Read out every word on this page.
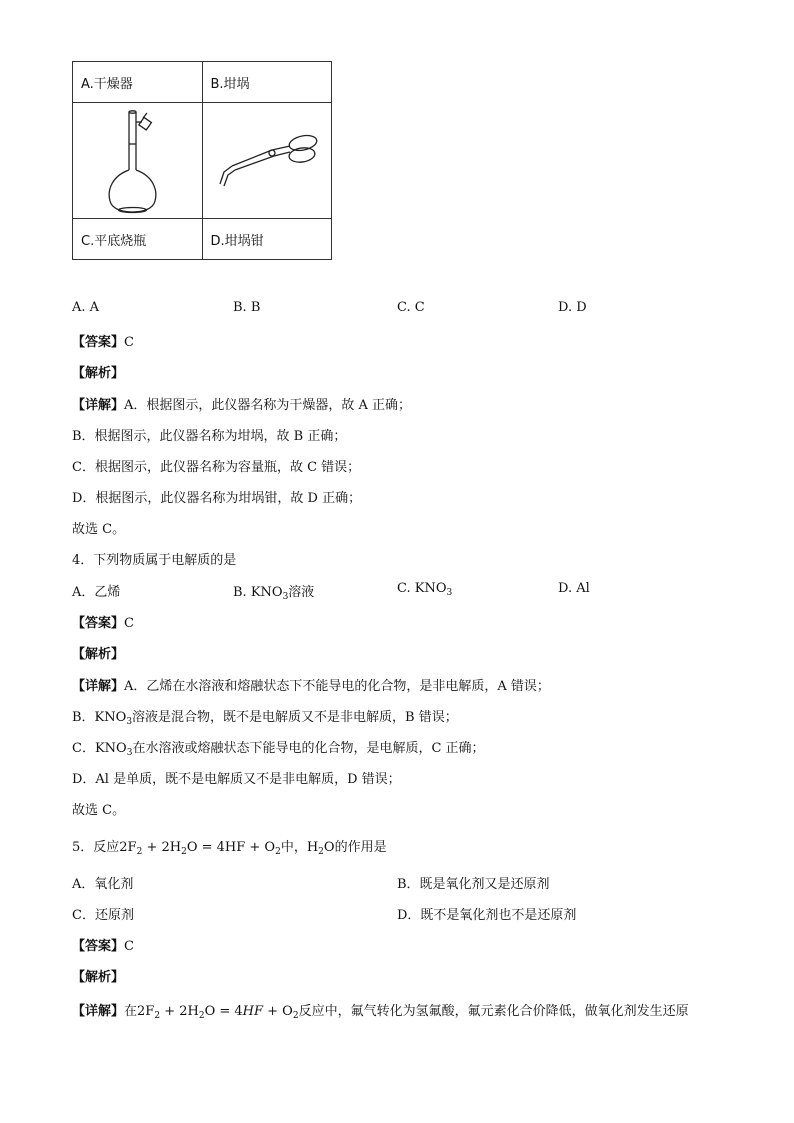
A.干燥器	B.坩埚

C.平底烧瓶	D.坩埚钳
A. A	B. B	C. C	D. D
【答案】C
【解析】
【详解】A．根据图示，此仪器名称为干燥器，故 A 正确；
B．根据图示，此仪器名称为坩埚，故 B 正确；
C．根据图示，此仪器名称为容量瓶，故 C 错误；
D．根据图示，此仪器名称为坩埚钳，故 D 正确；
故选 C。
4．下列物质属于电解质的是
A．乙烯	B. $KNO_3$溶液	C. $KNO_3$	D. Al
【答案】C
【解析】
【详解】A．乙烯在水溶液和熔融状态下不能导电的化合物，是非电解质，A 错误；
B．$KNO_3$溶液是混合物，既不是电解质又不是非电解质，B 错误；
C．$KNO_3$在水溶液或熔融状态下能导电的化合物，是电解质，C 正确；
D．Al 是单质，既不是电解质又不是非电解质，D 错误；
故选 C。
5．反应$2F_2 + 2H_2O = 4HF + O_2$中，$H_2O$的作用是
A．氧化剂	B．既是氧化剂又是还原剂
C．还原剂	D．既不是氧化剂也不是还原剂
【答案】C
【解析】
【详解】在$2F_2 + 2H_2O = 4HF + O_2$反应中，氟气转化为氢氟酸，氟元素化合价降低，做氧化剂发生还原
